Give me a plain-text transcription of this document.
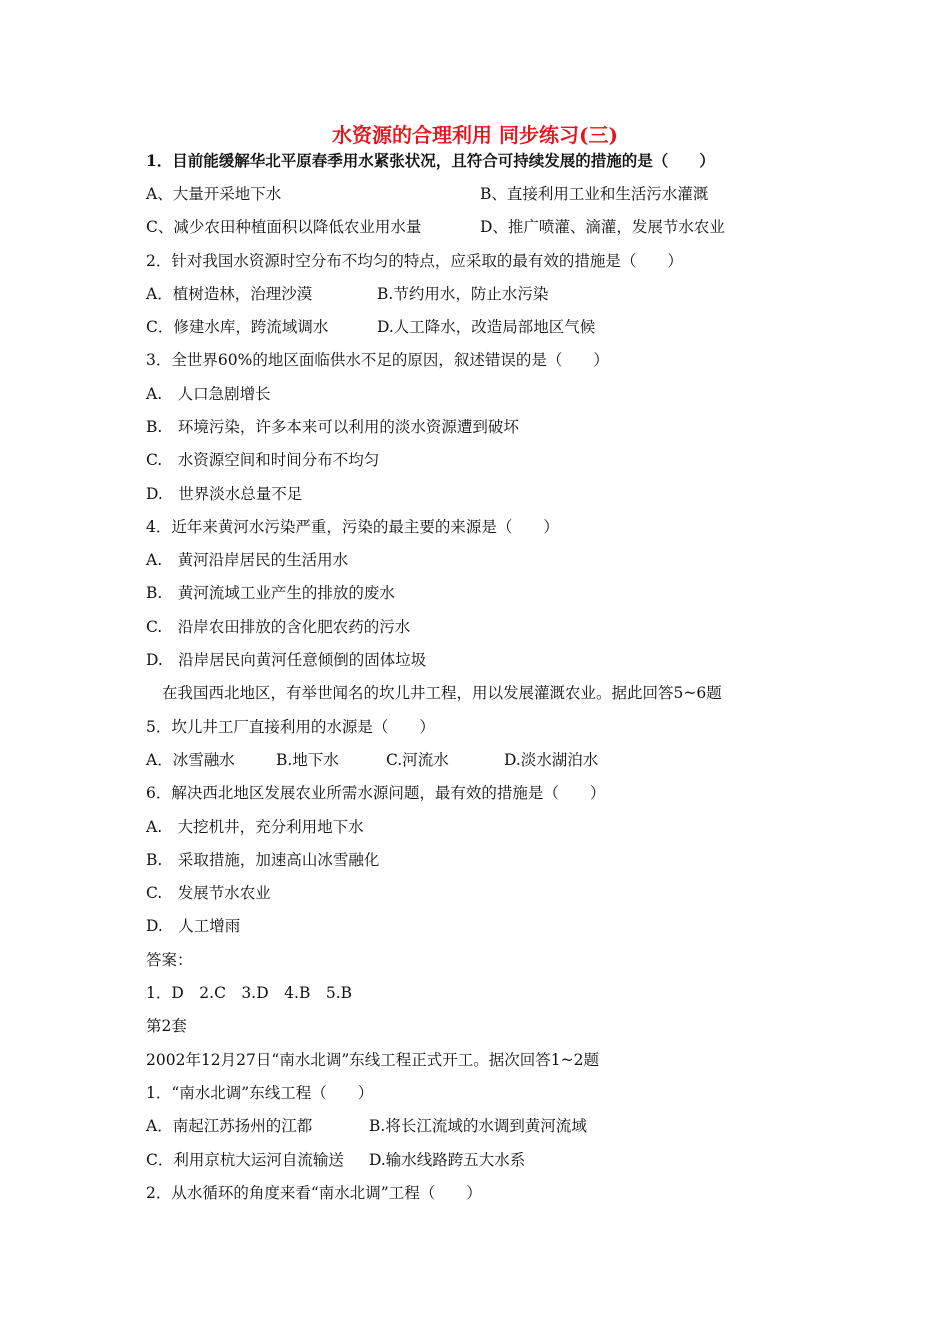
水资源的合理利用 同步练习(三)
1．目前能缓解华北平原春季用水紧张状况，且符合可持续发展的措施的是（　　）
A、大量开采地下水	B、直接利用工业和生活污水灌溉
C、减少农田种植面积以降低农业用水量	D、推广喷灌、滴灌，发展节水农业
2．针对我国水资源时空分布不均匀的特点，应采取的最有效的措施是（　　）
A．植树造林，治理沙漠	B.节约用水，防止水污染
C．修建水库，跨流域调水	D.人工降水，改造局部地区气候
3．全世界60%的地区面临供水不足的原因，叙述错误的是（　　）
A.　人口急剧增长
B.　环境污染，许多本来可以利用的淡水资源遭到破坏
C.　水资源空间和时间分布不均匀
D.　世界淡水总量不足
4．近年来黄河水污染严重，污染的最主要的来源是（　　）
A.　黄河沿岸居民的生活用水
B.　黄河流域工业产生的排放的废水
C.　沿岸农田排放的含化肥农药的污水
D.　沿岸居民向黄河任意倾倒的固体垃圾
在我国西北地区，有举世闻名的坎儿井工程，用以发展灌溉农业。据此回答5~6题
5．坎儿井工厂直接利用的水源是（　　）
A．冰雪融水	B.地下水	C.河流水	D.淡水湖泊水
6．解决西北地区发展农业所需水源问题，最有效的措施是（　　）
A.　大挖机井，充分利用地下水
B.　采取措施，加速高山冰雪融化
C.　发展节水农业
D.　人工增雨
答案：
1．D　2.C　3.D　4.B　5.B
第2套
2002年12月27日“南水北调”东线工程正式开工。据次回答1~2题
1．“南水北调”东线工程（　　）
A．南起江苏扬州的江都	B.将长江流域的水调到黄河流域
C．利用京杭大运河自流输送 D.输水线路跨五大水系
2．从水循环的角度来看“南水北调”工程（　　）
